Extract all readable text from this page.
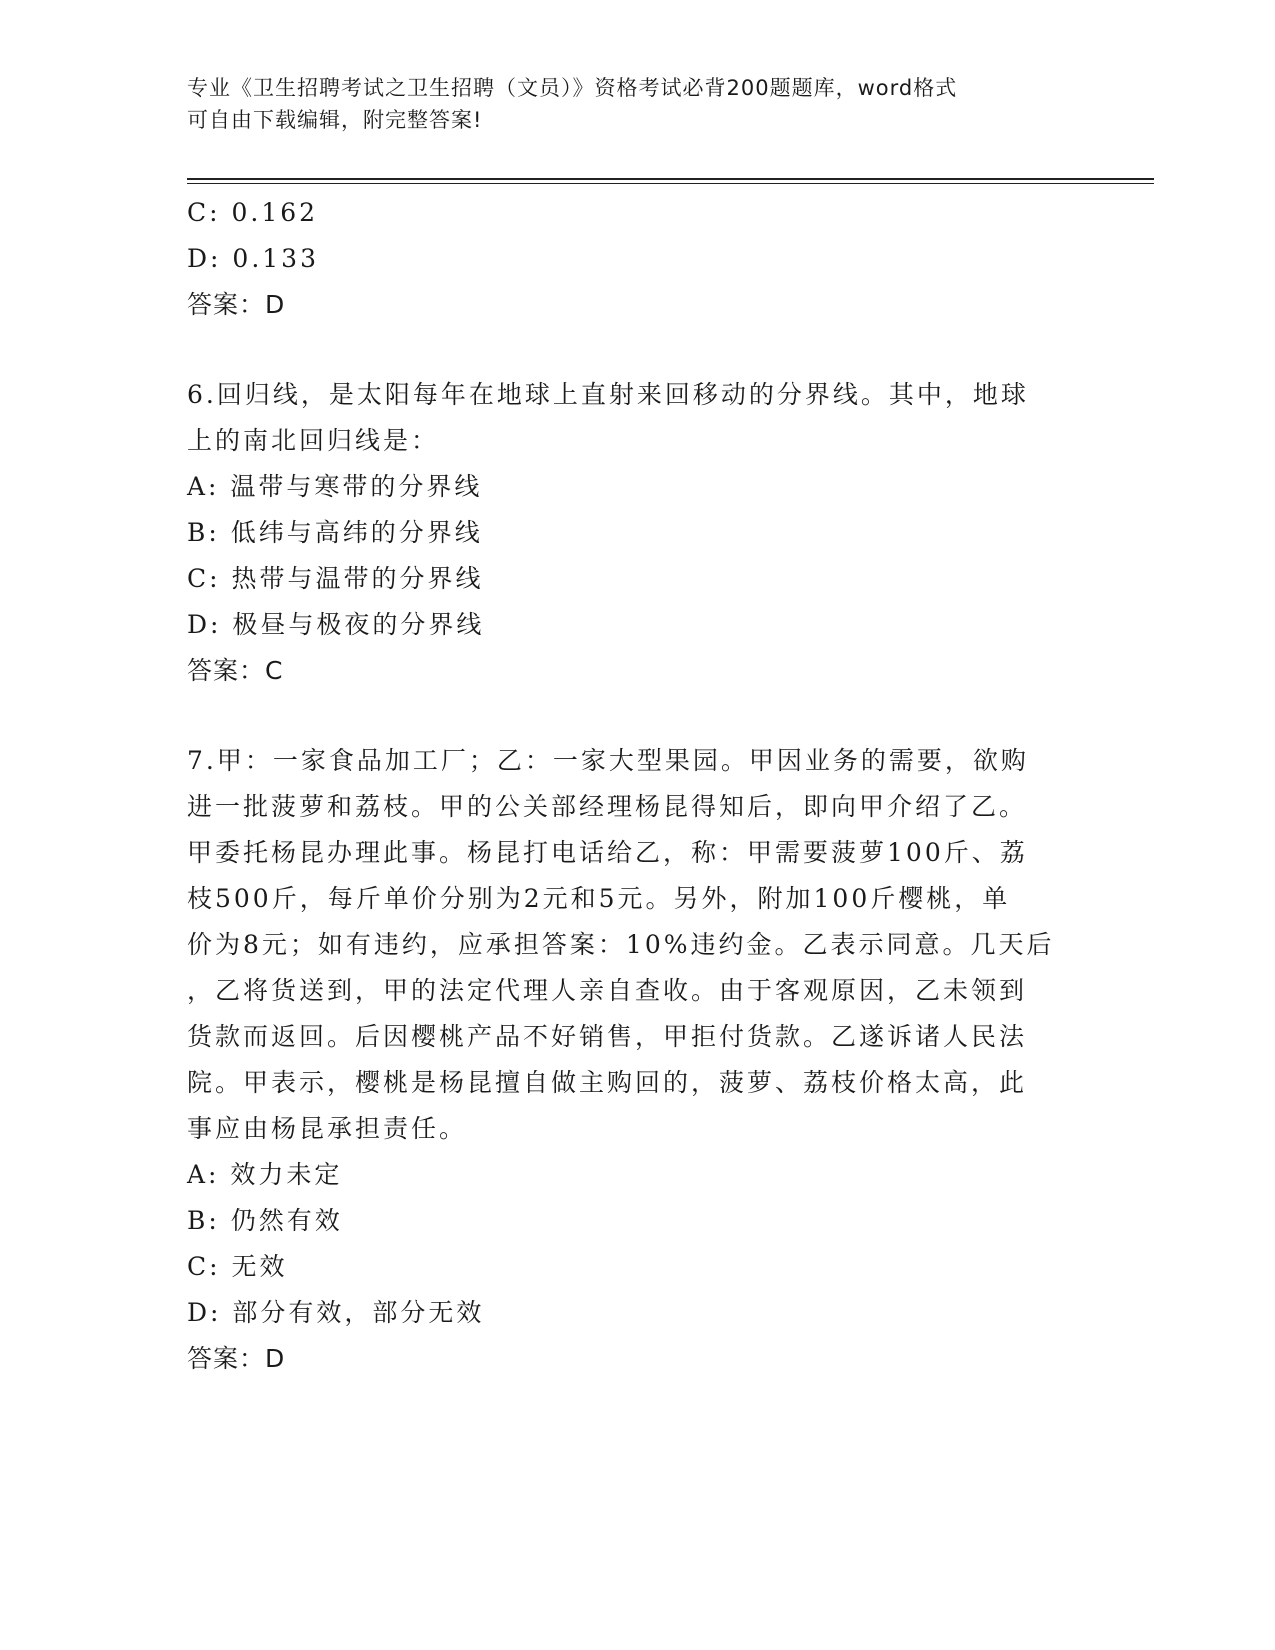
专业《卫生招聘考试之卫生招聘（文员）》资格考试必背200题题库，word格式
可自由下载编辑，附完整答案!
C: 0.162
D: 0.133
答案：D
6.回归线，是太阳每年在地球上直射来回移动的分界线。其中，地球
上的南北回归线是：
A: 温带与寒带的分界线
B: 低纬与高纬的分界线
C: 热带与温带的分界线
D: 极昼与极夜的分界线
答案：C
7.甲：一家食品加工厂；乙：一家大型果园。甲因业务的需要，欲购
进一批菠萝和荔枝。甲的公关部经理杨昆得知后，即向甲介绍了乙。
甲委托杨昆办理此事。杨昆打电话给乙，称：甲需要菠萝100斤、荔
枝500斤，每斤单价分别为2元和5元。另外，附加100斤樱桃，单
价为8元；如有违约，应承担答案：10%违约金。乙表示同意。几天后
，乙将货送到，甲的法定代理人亲自查收。由于客观原因，乙未领到
货款而返回。后因樱桃产品不好销售，甲拒付货款。乙遂诉诸人民法
院。甲表示，樱桃是杨昆擅自做主购回的，菠萝、荔枝价格太高，此
事应由杨昆承担责任。
A: 效力未定
B: 仍然有效
C: 无效
D: 部分有效，部分无效
答案：D
